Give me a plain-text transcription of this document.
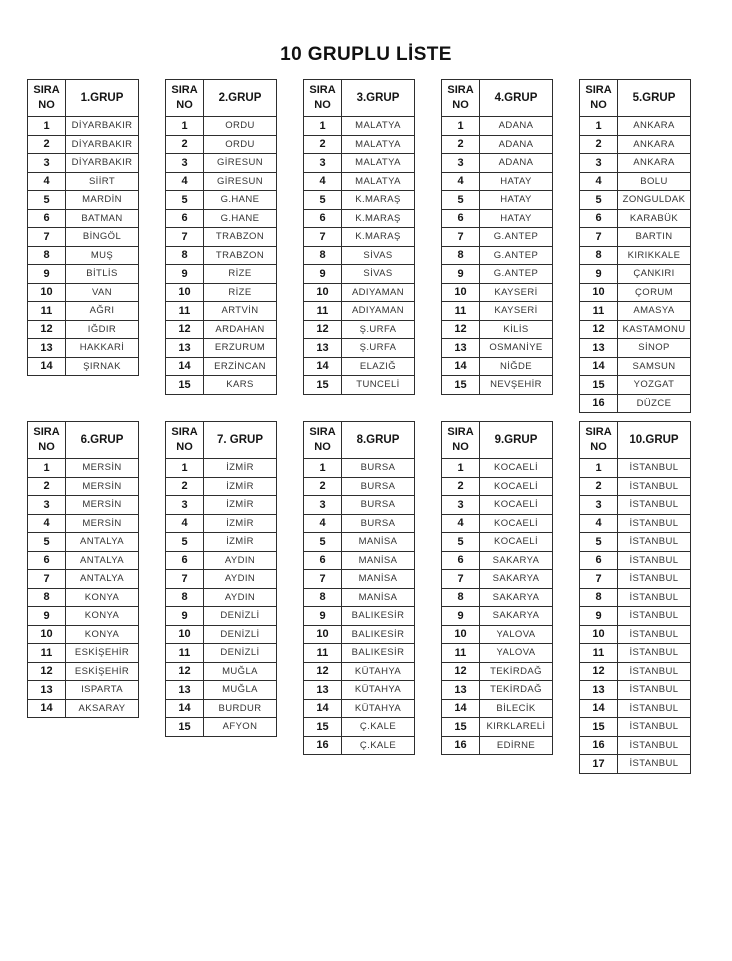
10 GRUPLU LİSTE
SIRA
NO	1.GRUP
1	DİYARBAKIR
2	DİYARBAKIR
3	DİYARBAKIR
4	SİİRT
5	MARDİN
6	BATMAN
7	BİNGÖL
8	MUŞ
9	BİTLİS
10	VAN
11	AĞRI
12	IĞDIR
13	HAKKARİ
14	ŞIRNAK
SIRA
NO	2.GRUP
1	ORDU
2	ORDU
3	GİRESUN
4	GİRESUN
5	G.HANE
6	G.HANE
7	TRABZON
8	TRABZON
9	RİZE
10	RİZE
11	ARTVİN
12	ARDAHAN
13	ERZURUM
14	ERZİNCAN
15	KARS
SIRA
NO	3.GRUP
1	MALATYA
2	MALATYA
3	MALATYA
4	MALATYA
5	K.MARAŞ
6	K.MARAŞ
7	K.MARAŞ
8	SİVAS
9	SİVAS
10	ADIYAMAN
11	ADIYAMAN
12	Ş.URFA
13	Ş.URFA
14	ELAZIĞ
15	TUNCELİ
SIRA
NO	4.GRUP
1	ADANA
2	ADANA
3	ADANA
4	HATAY
5	HATAY
6	HATAY
7	G.ANTEP
8	G.ANTEP
9	G.ANTEP
10	KAYSERİ
11	KAYSERİ
12	KİLİS
13	OSMANİYE
14	NİĞDE
15	NEVŞEHİR
SIRA
NO	5.GRUP
1	ANKARA
2	ANKARA
3	ANKARA
4	BOLU
5	ZONGULDAK
6	KARABÜK
7	BARTIN
8	KIRIKKALE
9	ÇANKIRI
10	ÇORUM
11	AMASYA
12	KASTAMONU
13	SİNOP
14	SAMSUN
15	YOZGAT
16	DÜZCE
SIRA
NO	6.GRUP
1	MERSİN
2	MERSİN
3	MERSİN
4	MERSİN
5	ANTALYA
6	ANTALYA
7	ANTALYA
8	KONYA
9	KONYA
10	KONYA
11	ESKİŞEHİR
12	ESKİŞEHİR
13	ISPARTA
14	AKSARAY
SIRA
NO	7. GRUP
1	İZMİR
2	İZMİR
3	İZMİR
4	İZMİR
5	İZMİR
6	AYDIN
7	AYDIN
8	AYDIN
9	DENİZLİ
10	DENİZLİ
11	DENİZLİ
12	MUĞLA
13	MUĞLA
14	BURDUR
15	AFYON
SIRA
NO	8.GRUP
1	BURSA
2	BURSA
3	BURSA
4	BURSA
5	MANİSA
6	MANİSA
7	MANİSA
8	MANİSA
9	BALIKESİR
10	BALIKESİR
11	BALIKESİR
12	KÜTAHYA
13	KÜTAHYA
14	KÜTAHYA
15	Ç.KALE
16	Ç.KALE
SIRA
NO	9.GRUP
1	KOCAELİ
2	KOCAELİ
3	KOCAELİ
4	KOCAELİ
5	KOCAELİ
6	SAKARYA
7	SAKARYA
8	SAKARYA
9	SAKARYA
10	YALOVA
11	YALOVA
12	TEKİRDAĞ
13	TEKİRDAĞ
14	BİLECİK
15	KIRKLARELİ
16	EDİRNE
SIRA
NO	10.GRUP
1	İSTANBUL
2	İSTANBUL
3	İSTANBUL
4	İSTANBUL
5	İSTANBUL
6	İSTANBUL
7	İSTANBUL
8	İSTANBUL
9	İSTANBUL
10	İSTANBUL
11	İSTANBUL
12	İSTANBUL
13	İSTANBUL
14	İSTANBUL
15	İSTANBUL
16	İSTANBUL
17	İSTANBUL
